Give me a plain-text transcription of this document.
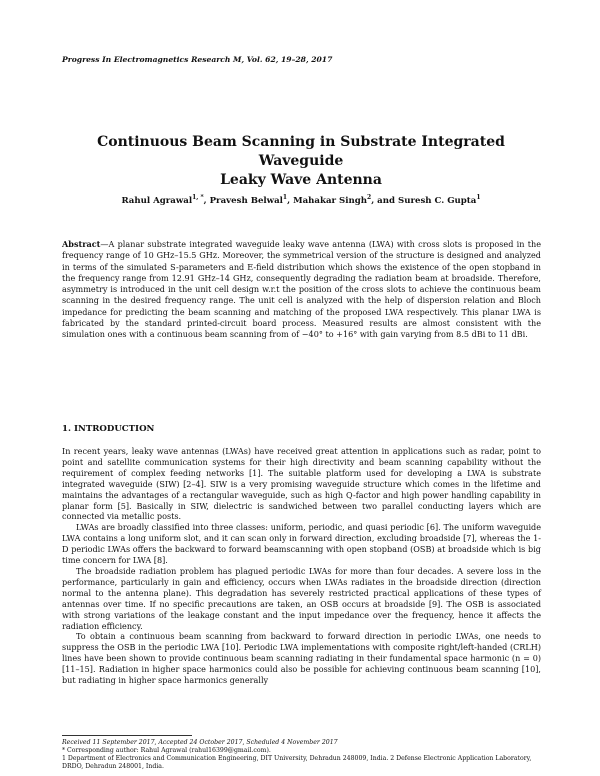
Progress In Electromagnetics Research M, Vol. 62, 19–28, 2017
Continuous Beam Scanning in Substrate Integrated Waveguide
Leaky Wave Antenna
Rahul Agrawal$^{1, *}$, Pravesh Belwal$^1$, Mahakar Singh$^2$, and Suresh C. Gupta$^1$
Abstract—A planar substrate integrated waveguide leaky wave antenna (LWA) with cross slots is proposed in the frequency range of 10 GHz–15.5 GHz. Moreover, the symmetrical version of the structure is designed and analyzed in terms of the simulated S-parameters and E-field distribution which shows the existence of the open stopband in the frequency range from 12.91 GHz–14 GHz, consequently degrading the radiation beam at broadside. Therefore, asymmetry is introduced in the unit cell design w.r.t the position of the cross slots to achieve the continuous beam scanning in the desired frequency range. The unit cell is analyzed with the help of dispersion relation and Bloch impedance for predicting the beam scanning and matching of the proposed LWA respectively. This planar LWA is fabricated by the standard printed-circuit board process. Measured results are almost consistent with the simulation ones with a continuous beam scanning from of −40° to +16° with gain varying from 8.5 dBi to 11 dBi.
1. INTRODUCTION

In recent years, leaky wave antennas (LWAs) have received great attention in applications such as radar, point to point and satellite communication systems for their high directivity and beam scanning capability without the requirement of complex feeding networks [1]. The suitable platform used for developing a LWA is substrate integrated waveguide (SIW) [2–4]. SIW is a very promising waveguide structure which comes in the lifetime and maintains the advantages of a rectangular waveguide, such as high Q-factor and high power handling capability in planar form [5]. Basically in SIW, dielectric is sandwiched between two parallel conducting layers which are connected via metallic posts.

LWAs are broadly classified into three classes: uniform, periodic, and quasi periodic [6]. The uniform waveguide LWA contains a long uniform slot, and it can scan only in forward direction, excluding broadside [7], whereas the 1-D periodic LWAs offers the backward to forward beamscanning with open stopband (OSB) at broadside which is big time concern for LWA [8].

The broadside radiation problem has plagued periodic LWAs for more than four decades. A severe loss in the performance, particularly in gain and efficiency, occurs when LWAs radiates in the broadside direction (direction normal to the antenna plane). This degradation has severely restricted practical applications of these types of antennas over time. If no specific precautions are taken, an OSB occurs at broadside [9]. The OSB is associated with strong variations of the leakage constant and the input impedance over the frequency, hence it affects the radiation efficiency.

To obtain a continuous beam scanning from backward to forward direction in periodic LWAs, one needs to suppress the OSB in the periodic LWA [10]. Periodic LWA implementations with composite right/left-handed (CRLH) lines have been shown to provide continuous beam scanning radiating in their fundamental space harmonic (n = 0) [11–15]. Radiation in higher space harmonics could also be possible for achieving continuous beam scanning [10], but radiating in higher space harmonics generally

Received 11 September 2017, Accepted 24 October 2017, Scheduled 4 November 2017
* Corresponding author: Rahul Agrawal (rahul16399@gmail.com).
1 Department of Electronics and Communication Engineering, DIT University, Dehradun 248009, India. 2 Defense Electronic Application Laboratory, DRDO, Dehradun 248001, India.
